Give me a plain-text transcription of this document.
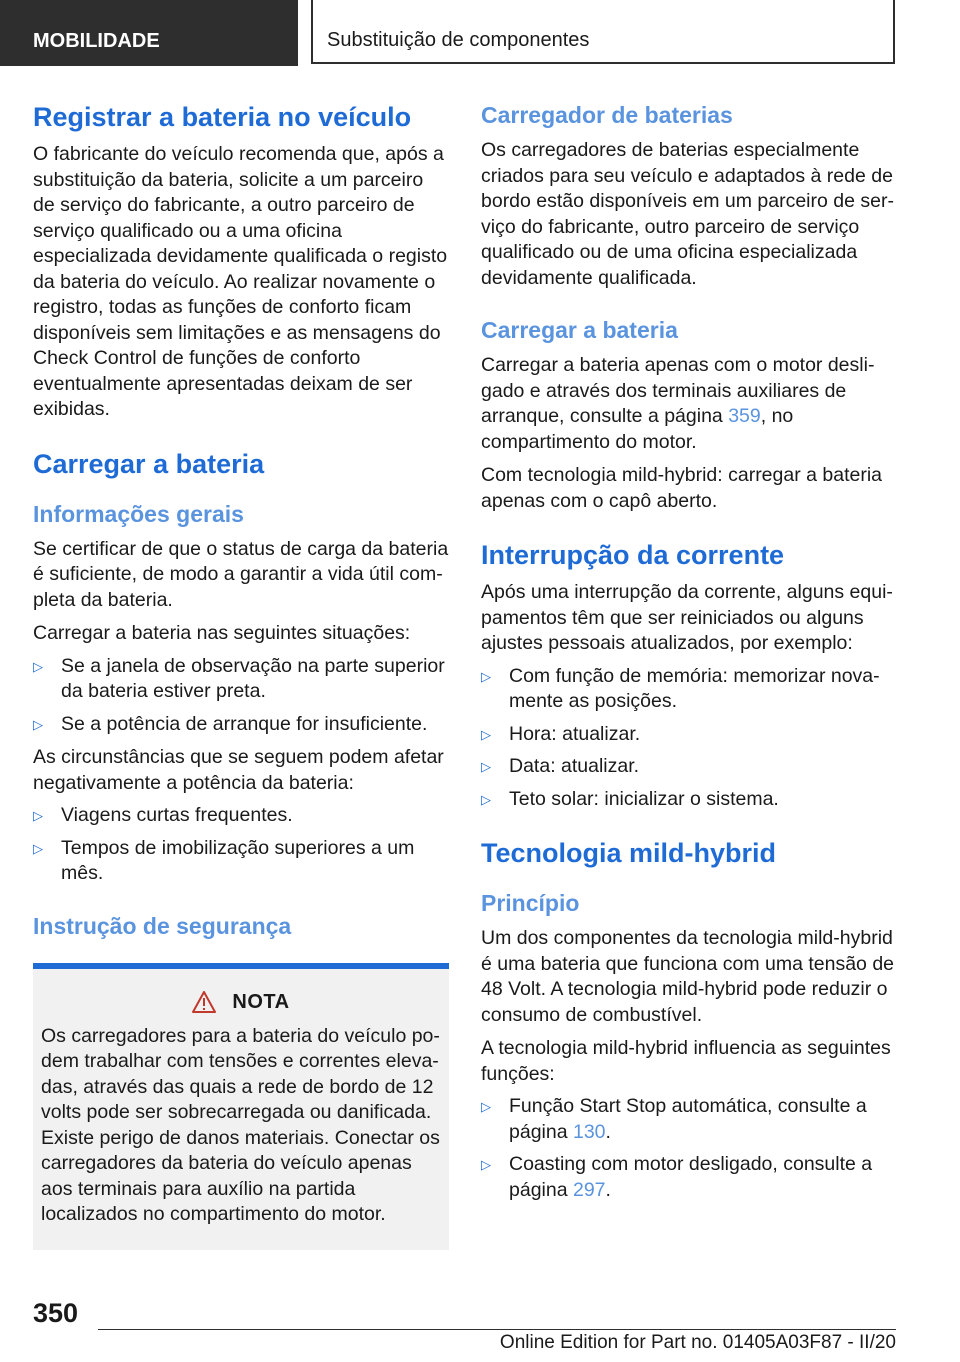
MOBILIDADE	Substituição de componentes
Registrar a bateria no veículo

O fabricante do veículo recomenda que, após a substituição da bateria, solicite a um parceiro de serviço do fabricante, a outro parceiro de serviço qualificado ou a uma oficina especializada devidamente qualificada o registo da bateria do veículo. Ao realizar novamente o registro, todas as funções de conforto ficam disponíveis sem limitações e as mensagens do Check Control de funções de conforto eventualmente apresentadas deixam de ser exibidas.

Carregar a bateria
Informações gerais

Se certificar de que o status de carga da bateria é suficiente, de modo a garantir a vida útil completa da bateria.

Carregar a bateria nas seguintes situações:

▷ Se a janela de observação na parte superior da bateria estiver preta.
▷ Se a potência de arranque for insuficiente.

As circunstâncias que se seguem podem afetar negativamente a potência da bateria:

▷ Viagens curtas frequentes.
▷ Tempos de imobilização superiores a um mês.
Instrução de segurança
NOTA

Os carregadores para a bateria do veículo podem trabalhar com tensões e correntes elevadas, através das quais a rede de bordo de 12 volts pode ser sobrecarregada ou danificada. Existe perigo de danos materiais. Conectar os carregadores da bateria do veículo apenas aos terminais para auxílio na partida localizados no compartimento do motor.

Carregador de baterias

Os carregadores de baterias especialmente criados para seu veículo e adaptados à rede de bordo estão disponíveis em um parceiro de serviço do fabricante, outro parceiro de serviço qualificado ou de uma oficina especializada devidamente qualificada.

Carregar a bateria

Carregar a bateria apenas com o motor desligado e através dos terminais auxiliares de arranque, consulte a página 359, no compartimento do motor.

Com tecnologia mild-hybrid: carregar a bateria apenas com o capô aberto.

Interrupção da corrente

Após uma interrupção da corrente, alguns equipamentos têm que ser reiniciados ou alguns ajustes pessoais atualizados, por exemplo:

▷ Com função de memória: memorizar novamente as posições.
▷ Hora: atualizar.
▷ Data: atualizar.
▷ Teto solar: inicializar o sistema.
Tecnologia mild-hybrid
Princípio

Um dos componentes da tecnologia mild-hybrid é uma bateria que funciona com uma tensão de 48 Volt. A tecnologia mild-hybrid pode reduzir o consumo de combustível.

A tecnologia mild-hybrid influencia as seguintes funções:

▷ Função Start Stop automática, consulte a página 130.
▷ Coasting com motor desligado, consulte a página 297.
350
Online Edition for Part no. 01405A03F87 - II/20
